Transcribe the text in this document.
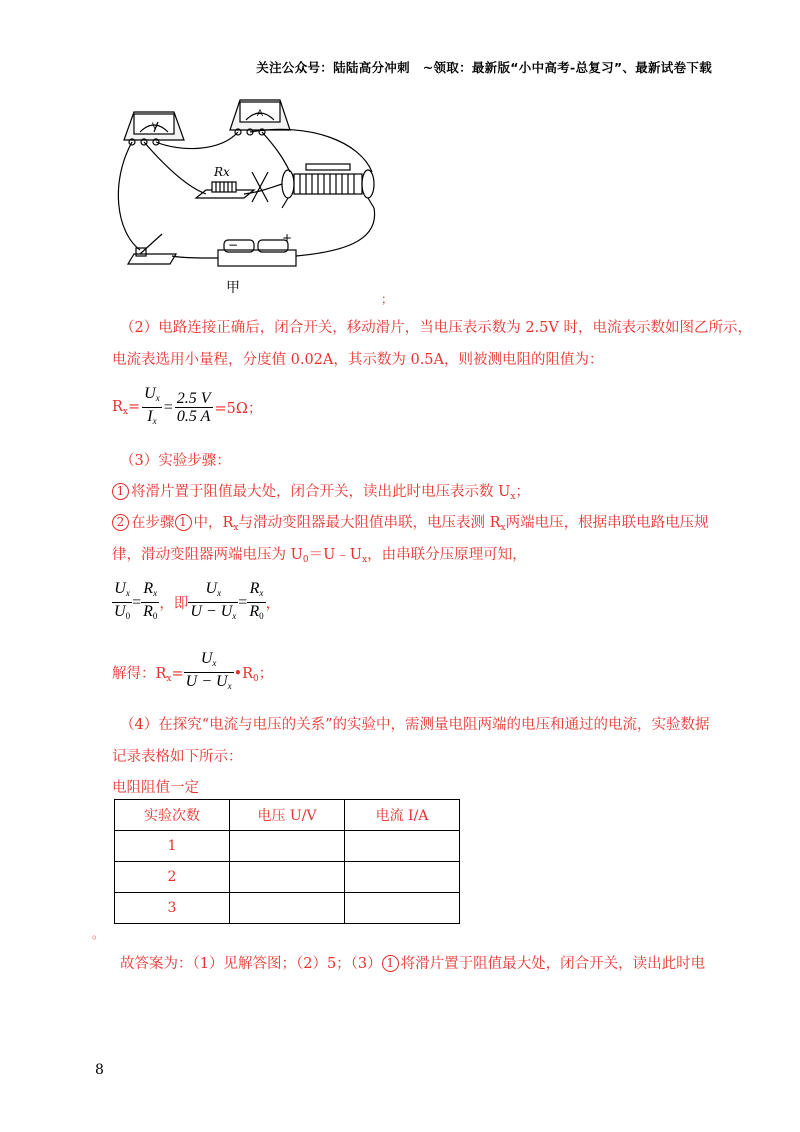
关注公众号：陆陆高分冲刺　~领取：最新版“小中高考-总复习”、最新试卷下载
V
A
Rx
−	+
甲
；
（2）电路连接正确后，闭合开关，移动滑片，当电压表示数为 2.5V 时，电流表示数如图乙所示，
电流表选用小量程，分度值 0.02A，其示数为 0.5A，则被测电阻的阻值为：
$R_x= \frac{U_x}{I_x} = \frac{2.5 V}{0.5 A} =5\Omega$；
（3）实验步骤：
1 将滑片置于阻值最大处，闭合开关，读出此时电压表示数 $U_x$；
2 在步骤 1 中，$R_x$与滑动变阻器最大阻值串联，电压表测 $R_x$两端电压，根据串联电路电压规
律，滑动变阻器两端电压为 $U_0=U﹣U_x$，由串联分压原理可知，
$\frac{U_x}{U_0} = \frac{R_x}{R_0}$ ，即 $\frac{U_x}{U - U_x} = \frac{R_x}{R_0}$ ，
解得：$R_x= \frac{U_x}{U - U_x}$ $•R_0$；
（4）在探究“电流与电压的关系”的实验中，需测量电阻两端的电压和通过的电流，实验数据
记录表格如下所示：
电阻阻值一定
实验次数	电压 U/V	电流 I/A
1		
2		
3		
。
故答案为：（1）见解答图；（2）5；（3） 1 将滑片置于阻值最大处，闭合开关，读出此时电
8
